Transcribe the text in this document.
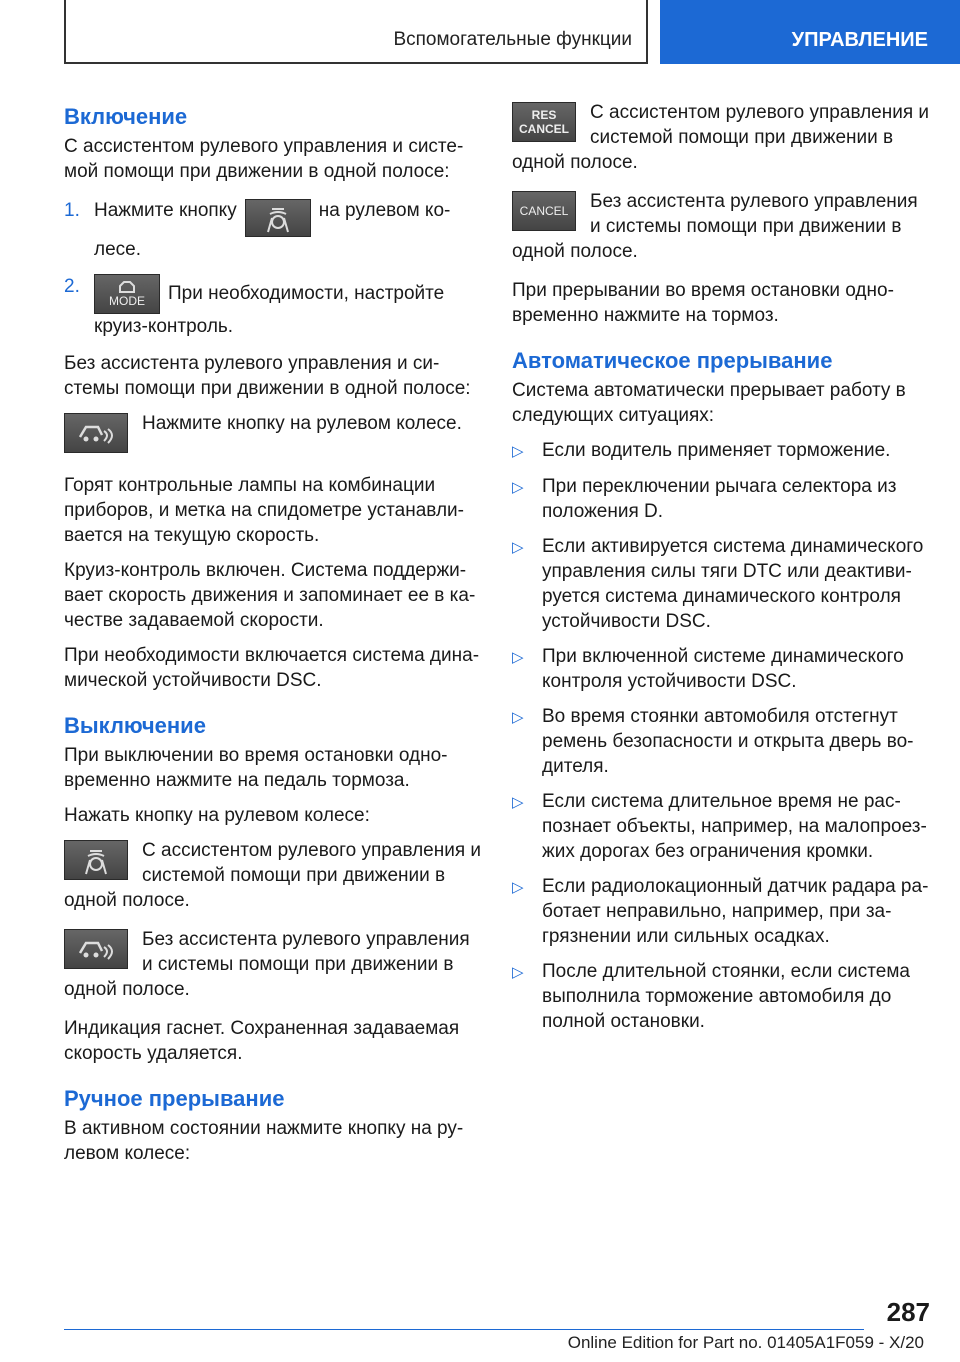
Вспомогательные функции	УПРАВЛЕНИЕ
Включение

С ассистентом рулевого управления и системой помощи при движении в одной полосе:

1. Нажмите кнопку	на рулевом колесе.
2.

MODE При необходимости, настройте круиз-контроль.

Без ассистента рулевого управления и системы помощи при движении в одной полосе:

Нажмите кнопку на рулевом колесе.

Горят контрольные лампы на комбинации приборов, и метка на спидометре устанавливается на текущую скорость.

Круиз-контроль включен. Система поддерживает скорость движения и запоминает ее в качестве задаваемой скорости.

При необходимости включается система динамической устойчивости DSC.

Выключение

При выключении во время остановки одновременно нажмите на педаль тормоза.

Нажать кнопку на рулевом колесе:

С ассистентом рулевого управления и системой помощи при движении в одной полосе.
Без ассистента рулевого управления и системы помощи при движении в одной полосе.

Индикация гаснет. Сохраненная задаваемая скорость удаляется.

Ручное прерывание

В активном состоянии нажмите кнопку на рулевом колесе:

RES
CANCEL
С ассистентом рулевого управления и системой помощи при движении в одной полосе.
CANCEL	Без ассистента рулевого управления и системы помощи при движении в одной полосе.

При прерывании во время остановки одновременно нажмите на тормоз.

Автоматическое прерывание

Система автоматически прерывает работу в следующих ситуациях:

▷ Если водитель применяет торможение.
▷ При переключении рычага селектора из положения D.
▷ Если активируется система динамического управления силы тяги DTC или деактивируется система динамического контроля устойчивости DSC.
▷ При включенной системе динамического контроля устойчивости DSC.
▷ Во время стоянки автомобиля отстегнут ремень безопасности и открыта дверь водителя.
▷ Если система длительное время не распознает объекты, например, на малопроезжих дорогах без ограничения кромки.
▷ Если радиолокационный датчик радара работает неправильно, например, при загрязнении или сильных осадках.
▷ После длительной стоянки, если система выполнила торможение автомобиля до полной остановки.
287
Online Edition for Part no. 01405A1F059 - X/20
